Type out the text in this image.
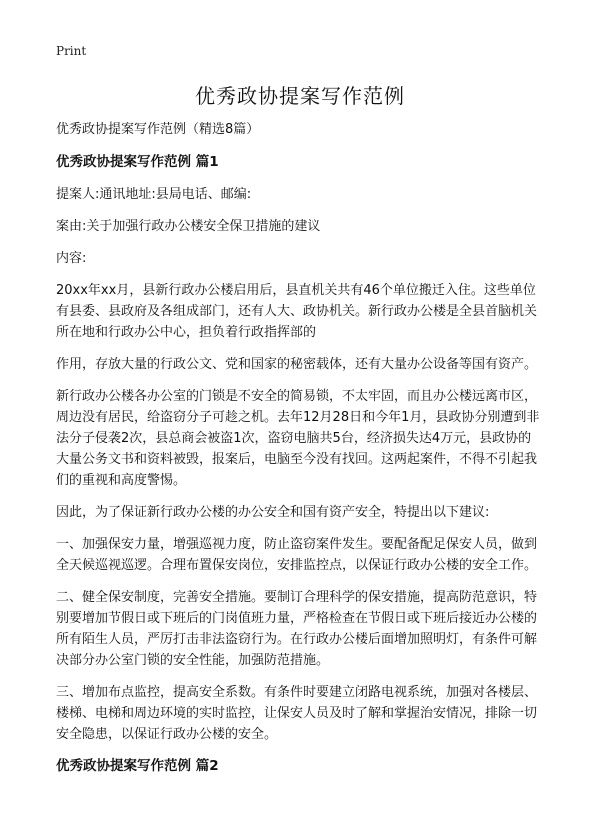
Print
优秀政协提案写作范例

优秀政协提案写作范例（精选8篇）

优秀政协提案写作范例 篇1

提案人:通讯地址:县局电话、邮编:

案由:关于加强行政办公楼安全保卫措施的建议

内容:

20xx年xx月，县新行政办公楼启用后，县直机关共有46个单位搬迁入住。这些单位有县委、县政府及各组成部门，还有人大、政协机关。新行政办公楼是全县首脑机关所在地和行政办公中心，担负着行政指挥部的

作用，存放大量的行政公文、党和国家的秘密载体，还有大量办公设备等国有资产。

新行政办公楼各办公室的门锁是不安全的简易锁，不太牢固，而且办公楼远离市区，周边没有居民，给盗窃分子可趁之机。去年12月28日和今年1月，县政协分别遭到非法分子侵袭2次，县总商会被盗1次，盗窃电脑共5台，经济损失达4万元，县政协的大量公务文书和资料被毁，报案后，电脑至今没有找回。这两起案件，不得不引起我们的重视和高度警惕。

因此，为了保证新行政办公楼的办公安全和国有资产安全，特提出以下建议:

一、加强保安力量，增强巡视力度，防止盗窃案件发生。要配备配足保安人员，做到全天候巡视巡逻。合理布置保安岗位，安排监控点，以保证行政办公楼的安全工作。

二、健全保安制度，完善安全措施。要制订合理科学的保安措施，提高防范意识，特别要增加节假日或下班后的门岗值班力量，严格检查在节假日或下班后接近办公楼的所有陌生人员，严厉打击非法盗窃行为。在行政办公楼后面增加照明灯，有条件可解决部分办公室门锁的安全性能，加强防范措施。

三、增加布点监控，提高安全系数。有条件时要建立闭路电视系统，加强对各楼层、楼梯、电梯和周边环境的实时监控，让保安人员及时了解和掌握治安情况，排除一切安全隐患，以保证行政办公楼的安全。

优秀政协提案写作范例 篇2
